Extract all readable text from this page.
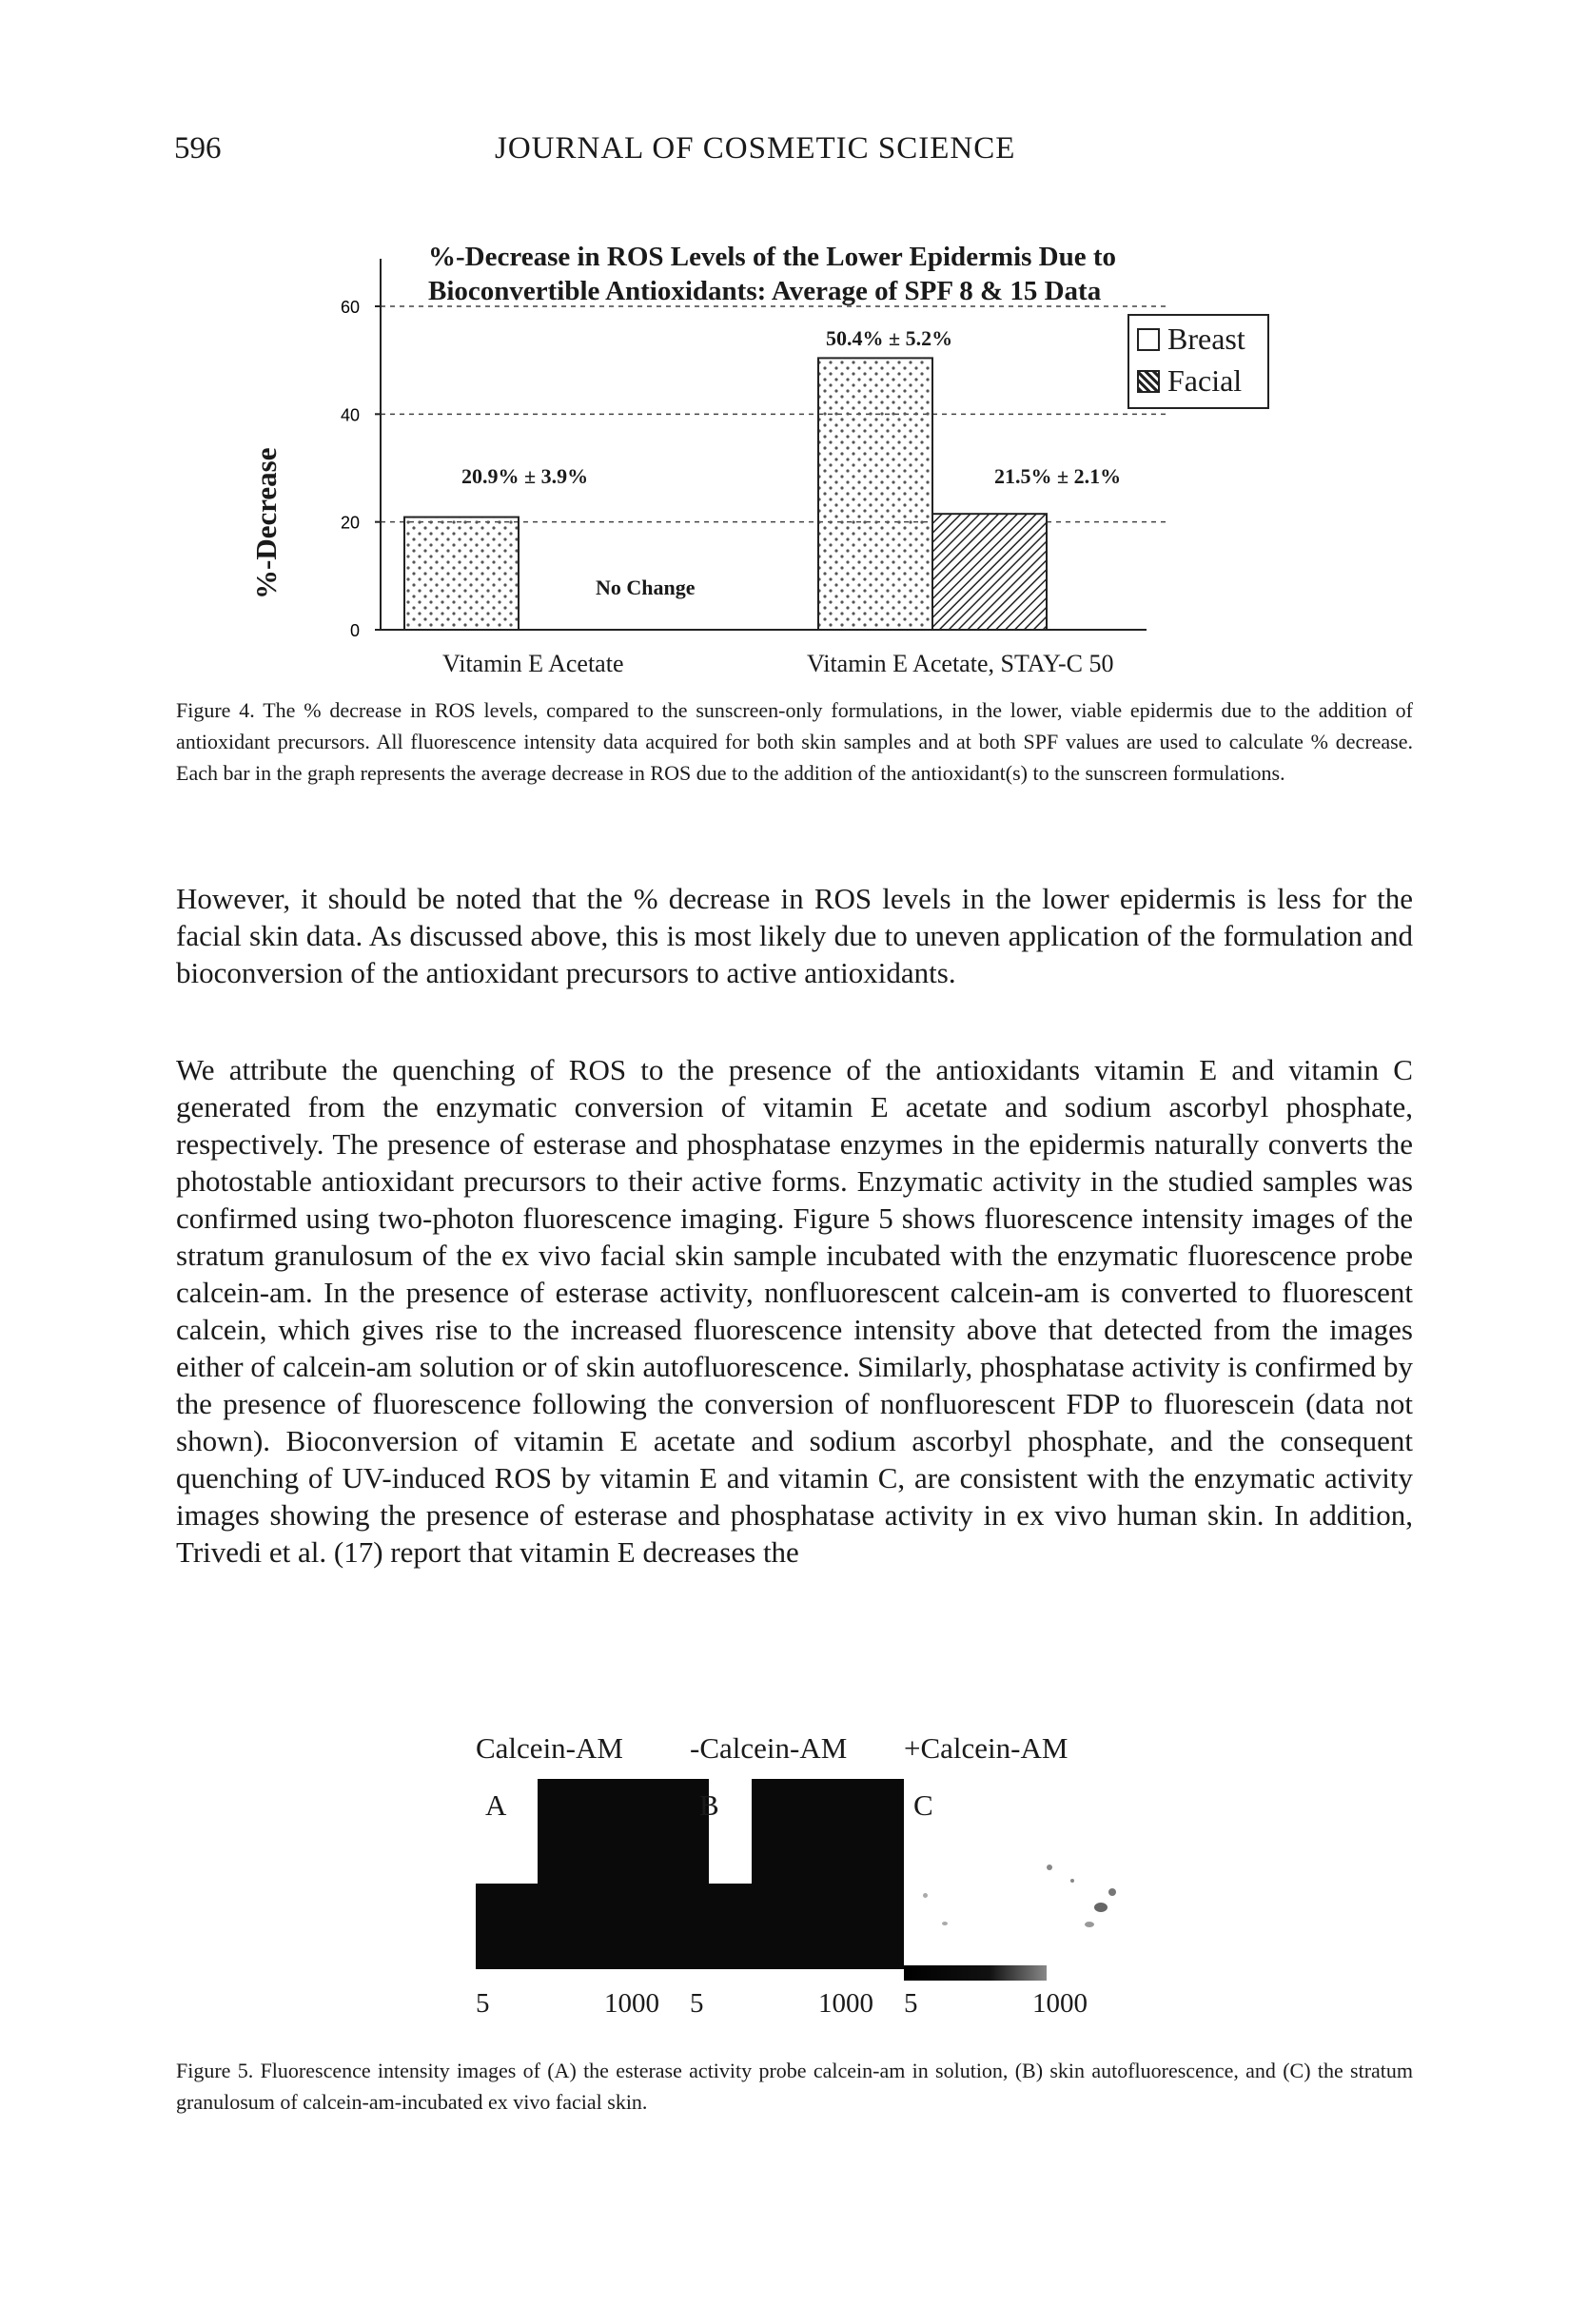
596	JOURNAL OF COSMETIC SCIENCE
0
20
40
60
%-Decrease in ROS Levels of the Lower Epidermis Due to Bioconvertible Antioxidants: Average of SPF 8 & 15 Data
%-Decrease
Breast
Facial
20.9% ± 3.9%
No Change
50.4% ± 5.2%
21.5% ± 2.1%
Vitamin E Acetate	Vitamin E Acetate, STAY-C 50
Figure 4. The % decrease in ROS levels, compared to the sunscreen-only formulations, in the lower, viable epidermis due to the addition of antioxidant precursors. All fluorescence intensity data acquired for both skin samples and at both SPF values are used to calculate % decrease. Each bar in the graph represents the average decrease in ROS due to the addition of the antioxidant(s) to the sunscreen formulations.
However, it should be noted that the % decrease in ROS levels in the lower epidermis is less for the facial skin data. As discussed above, this is most likely due to uneven application of the formulation and bioconversion of the antioxidant precursors to active antioxidants.
We attribute the quenching of ROS to the presence of the antioxidants vitamin E and vitamin C generated from the enzymatic conversion of vitamin E acetate and sodium ascorbyl phosphate, respectively. The presence of esterase and phosphatase enzymes in the epidermis naturally converts the photostable antioxidant precursors to their active forms. Enzymatic activity in the studied samples was confirmed using two-photon fluorescence imaging. Figure 5 shows fluorescence intensity images of the stratum granulosum of the ex vivo facial skin sample incubated with the enzymatic fluorescence probe calcein-am. In the presence of esterase activity, nonfluorescent calcein-am is converted to fluorescent calcein, which gives rise to the increased fluorescence intensity above that detected from the images either of calcein-am solution or of skin autofluorescence. Similarly, phosphatase activity is confirmed by the presence of fluorescence following the conversion of nonfluorescent FDP to fluorescein (data not shown). Bioconversion of vitamin E acetate and sodium ascorbyl phosphate, and the consequent quenching of UV-induced ROS by vitamin E and vitamin C, are consistent with the enzymatic activity images showing the presence of esterase and phosphatase activity in ex vivo human skin. In addition, Trivedi et al. (17) report that vitamin E decreases the
Calcein-AM
A
5	1000
-Calcein-AM
B
5	1000
+Calcein-AM
C
5	1000
Figure 5. Fluorescence intensity images of (A) the esterase activity probe calcein-am in solution, (B) skin autofluorescence, and (C) the stratum granulosum of calcein-am-incubated ex vivo facial skin.
